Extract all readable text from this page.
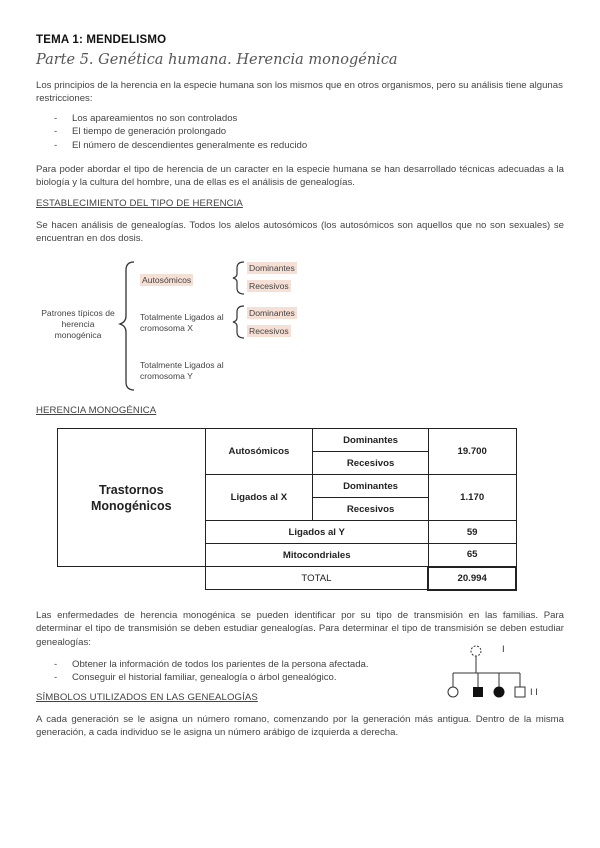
TEMA 1: MENDELISMO
Parte 5. Genética humana. Herencia monogénica
Los principios de la herencia en la especie humana son los mismos que en otros organismos, pero su análisis tiene algunas restricciones:
- Los apareamientos no son controlados
- El tiempo de generación prolongado
- El número de descendientes generalmente es reducido
Para poder abordar el tipo de herencia de un caracter en la especie humana se han desarrollado técnicas adecuadas a la biología y la cultura del hombre, una de ellas es el análisis de genealogías.
ESTABLECIMIENTO DEL TIPO DE HERENCIA
Se hacen análisis de genealogías. Todos los alelos autosómicos (los autosómicos son aquellos que no son sexuales) se encuentran en dos dosis.
Patrones típicos de herencia monogénica
Autosómicos
Totalmente Ligados al cromosoma X
Totalmente Ligados al cromosoma Y
Dominantes
Recesivos
Dominantes
Recesivos
HERENCIA MONOGÉNICA
Trastornos Monogénicos	Autosómicos	Dominantes	19.700
		Recesivos	
	Ligados al X	Dominantes	1.170
		Recesivos	
	Ligados al Y		59
	Mitocondriales		65
	TOTAL		20.994
Las enfermedades de herencia monogénica se pueden identificar por su tipo de transmisión en las familias. Para determinar el tipo de transmisión se deben estudiar genealogías. Para determinar el tipo de transmisión se deben estudiar genealogías:
- Obtener la información de todos los parientes de la persona afectada.
- Conseguir el historial familiar, genealogía o árbol genealógico.
I
I I
SÍMBOLOS UTILIZADOS EN LAS GENEALOGÍAS
A cada generación se le asigna un número romano, comenzando por la generación más antigua. Dentro de la misma generación, a cada individuo se le asigna un número arábigo de izquierda a derecha.
